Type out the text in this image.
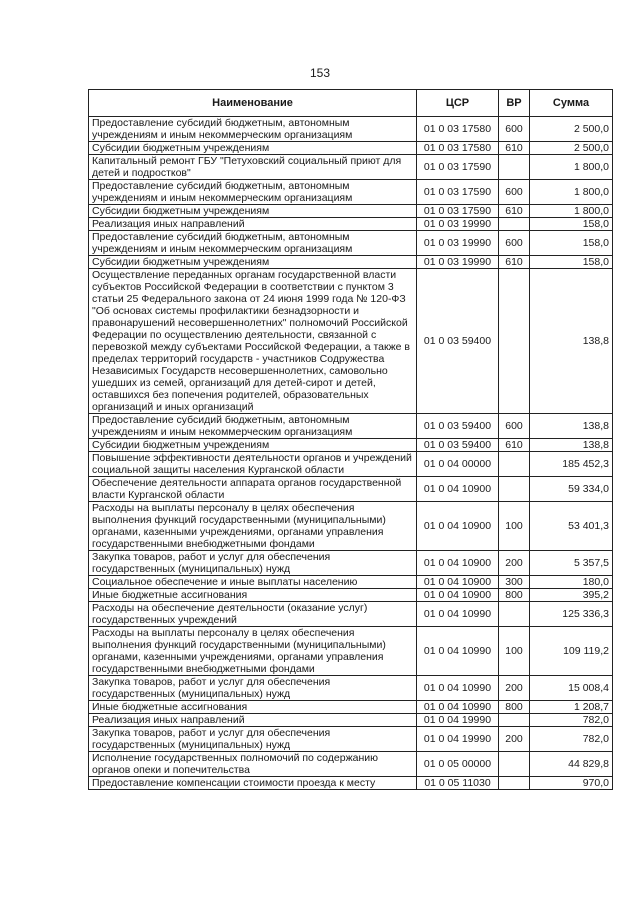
153
Наименование	ЦСР	ВР	Сумма
Предоставление субсидий бюджетным, автономным учреждениям и иным некоммерческим организациям	01 0 03 17580	600	2 500,0
Субсидии бюджетным учреждениям	01 0 03 17580	610	2 500,0
Капитальный ремонт ГБУ "Петуховский социальный приют для детей и подростков"	01 0 03 17590		1 800,0
Предоставление субсидий бюджетным, автономным учреждениям и иным некоммерческим организациям	01 0 03 17590	600	1 800,0
Субсидии бюджетным учреждениям	01 0 03 17590	610	1 800,0
Реализация иных направлений	01 0 03 19990		158,0
Предоставление субсидий бюджетным, автономным учреждениям и иным некоммерческим организациям	01 0 03 19990	600	158,0
Субсидии бюджетным учреждениям	01 0 03 19990	610	158,0
Осуществление переданных органам государственной власти субъектов Российской Федерации в соответствии с пунктом 3 статьи 25 Федерального закона от 24 июня 1999 года № 120-ФЗ "Об основах системы профилактики безнадзорности и правонарушений несовершеннолетних" полномочий Российской Федерации по осуществлению деятельности, связанной с перевозкой между субъектами Российской Федерации, а также в пределах территорий государств - участников Содружества Независимых Государств несовершеннолетних, самовольно ушедших из семей, организаций для детей-сирот и детей, оставшихся без попечения родителей, образовательных организаций и иных организаций	01 0 03 59400		138,8
Предоставление субсидий бюджетным, автономным учреждениям и иным некоммерческим организациям	01 0 03 59400	600	138,8
Субсидии бюджетным учреждениям	01 0 03 59400	610	138,8
Повышение эффективности деятельности органов и учреждений социальной защиты населения Курганской области	01 0 04 00000		185 452,3
Обеспечение деятельности аппарата органов государственной власти Курганской области	01 0 04 10900		59 334,0
Расходы на выплаты персоналу в целях обеспечения выполнения функций государственными (муниципальными) органами, казенными учреждениями, органами управления государственными внебюджетными фондами	01 0 04 10900	100	53 401,3
Закупка товаров, работ и услуг для обеспечения государственных (муниципальных) нужд	01 0 04 10900	200	5 357,5
Социальное обеспечение и иные выплаты населению	01 0 04 10900	300	180,0
Иные бюджетные ассигнования	01 0 04 10900	800	395,2
Расходы на обеспечение деятельности (оказание услуг) государственных учреждений	01 0 04 10990		125 336,3
Расходы на выплаты персоналу в целях обеспечения выполнения функций государственными (муниципальными) органами, казенными учреждениями, органами управления государственными внебюджетными фондами	01 0 04 10990	100	109 119,2
Закупка товаров, работ и услуг для обеспечения государственных (муниципальных) нужд	01 0 04 10990	200	15 008,4
Иные бюджетные ассигнования	01 0 04 10990	800	1 208,7
Реализация иных направлений	01 0 04 19990		782,0
Закупка товаров, работ и услуг для обеспечения государственных (муниципальных) нужд	01 0 04 19990	200	782,0
Исполнение государственных полномочий по содержанию органов опеки и попечительства	01 0 05 00000		44 829,8
Предоставление компенсации стоимости проезда к месту	01 0 05 11030		970,0
